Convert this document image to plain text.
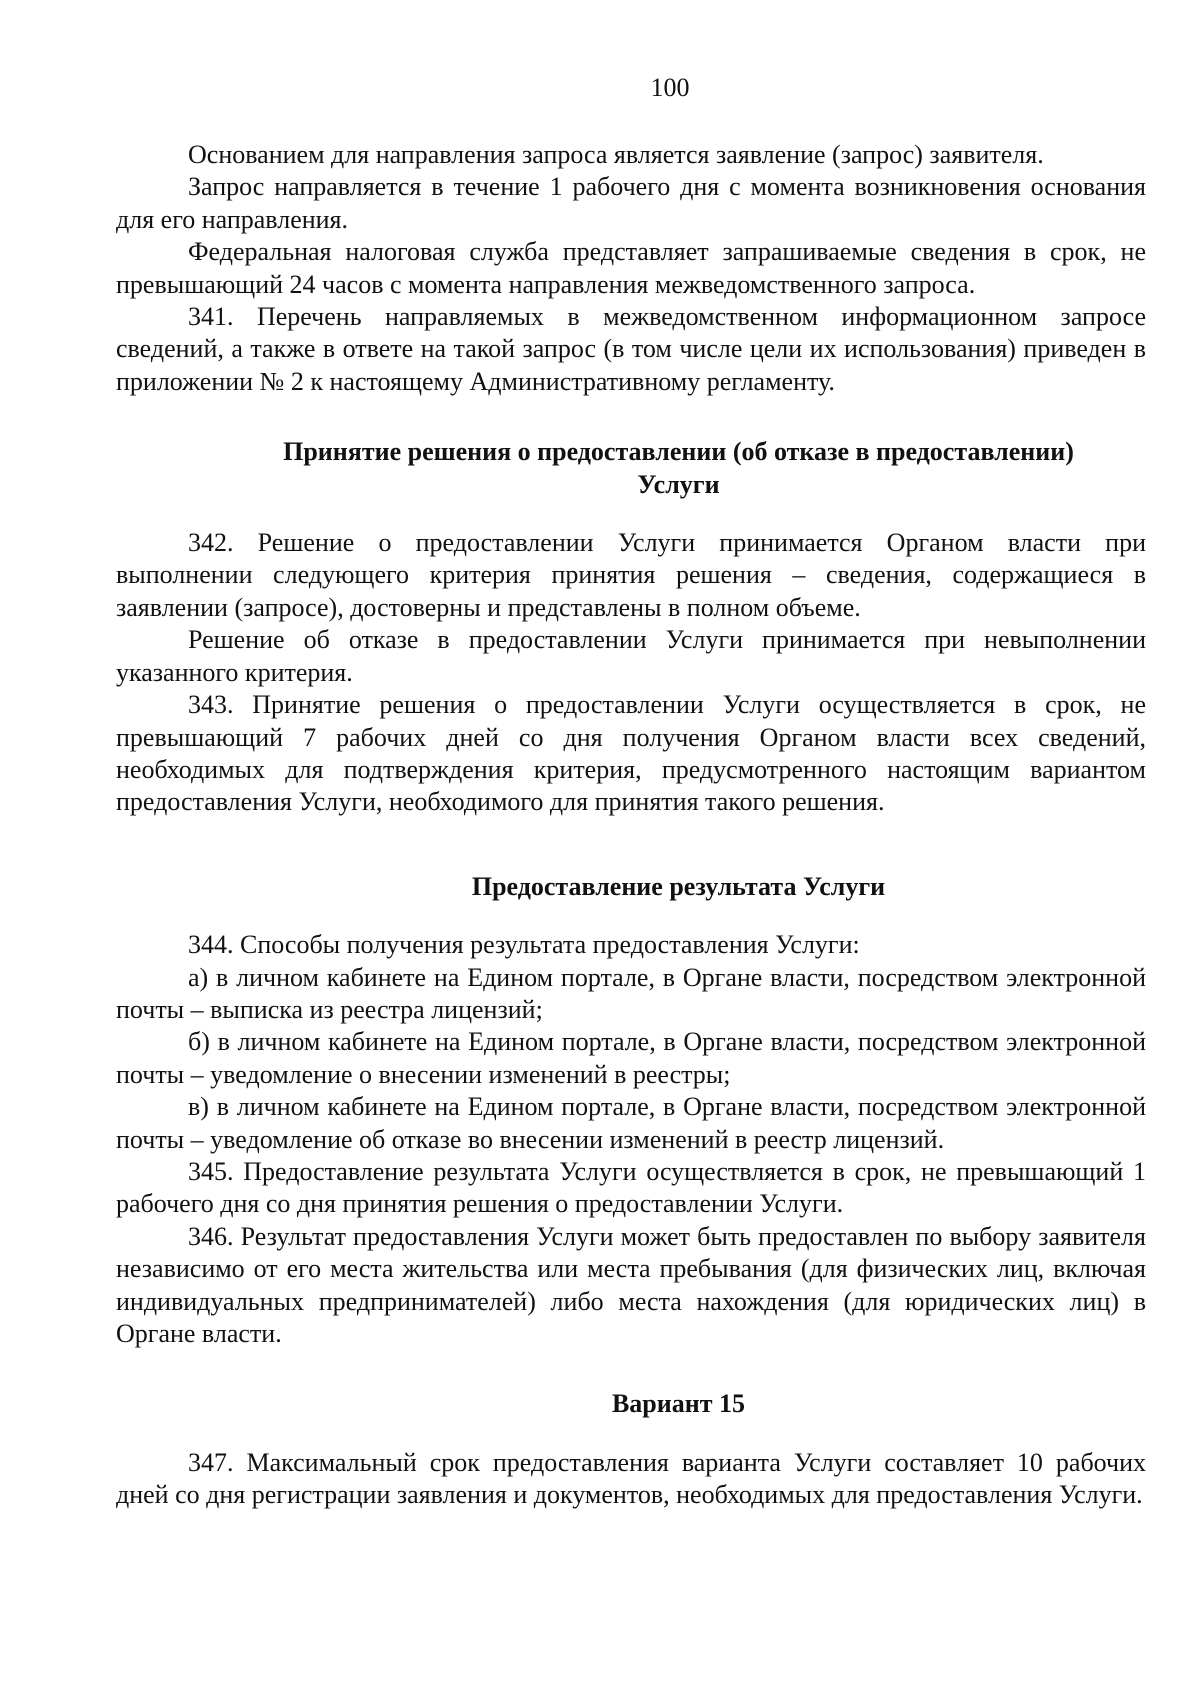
100

Основанием для направления запроса является заявление (запрос) заявителя.

Запрос направляется в течение 1 рабочего дня с момента возникновения основания для его направления.

Федеральная налоговая служба представляет запрашиваемые сведения в срок, не превышающий 24 часов с момента направления межведомственного запроса.

341. Перечень направляемых в межведомственном информационном запросе сведений, а также в ответе на такой запрос (в том числе цели их использования) приведен в приложении № 2 к настоящему Административному регламенту.

Принятие решения о предоставлении (об отказе в предоставлении)

Услуги

342. Решение о предоставлении Услуги принимается Органом власти при выполнении следующего критерия принятия решения – сведения, содержащиеся в заявлении (запросе), достоверны и представлены в полном объеме.

Решение об отказе в предоставлении Услуги принимается при невыполнении указанного критерия.

343. Принятие решения о предоставлении Услуги осуществляется в срок, не превышающий 7 рабочих дней со дня получения Органом власти всех сведений, необходимых для подтверждения критерия, предусмотренного настоящим вариантом предоставления Услуги, необходимого для принятия такого решения.

Предоставление результата Услуги

344. Способы получения результата предоставления Услуги:

а) в личном кабинете на Едином портале, в Органе власти, посредством электронной почты – выписка из реестра лицензий;

б) в личном кабинете на Едином портале, в Органе власти, посредством электронной почты – уведомление о внесении изменений в реестры;

в) в личном кабинете на Едином портале, в Органе власти, посредством электронной почты – уведомление об отказе во внесении изменений в реестр лицензий.

345. Предоставление результата Услуги осуществляется в срок, не превышающий 1 рабочего дня со дня принятия решения о предоставлении Услуги.

346. Результат предоставления Услуги может быть предоставлен по выбору заявителя независимо от его места жительства или места пребывания (для физических лиц, включая индивидуальных предпринимателей) либо места нахождения (для юридических лиц) в Органе власти.

Вариант 15

347. Максимальный срок предоставления варианта Услуги составляет 10 рабочих дней со дня регистрации заявления и документов, необходимых для предоставления Услуги.
